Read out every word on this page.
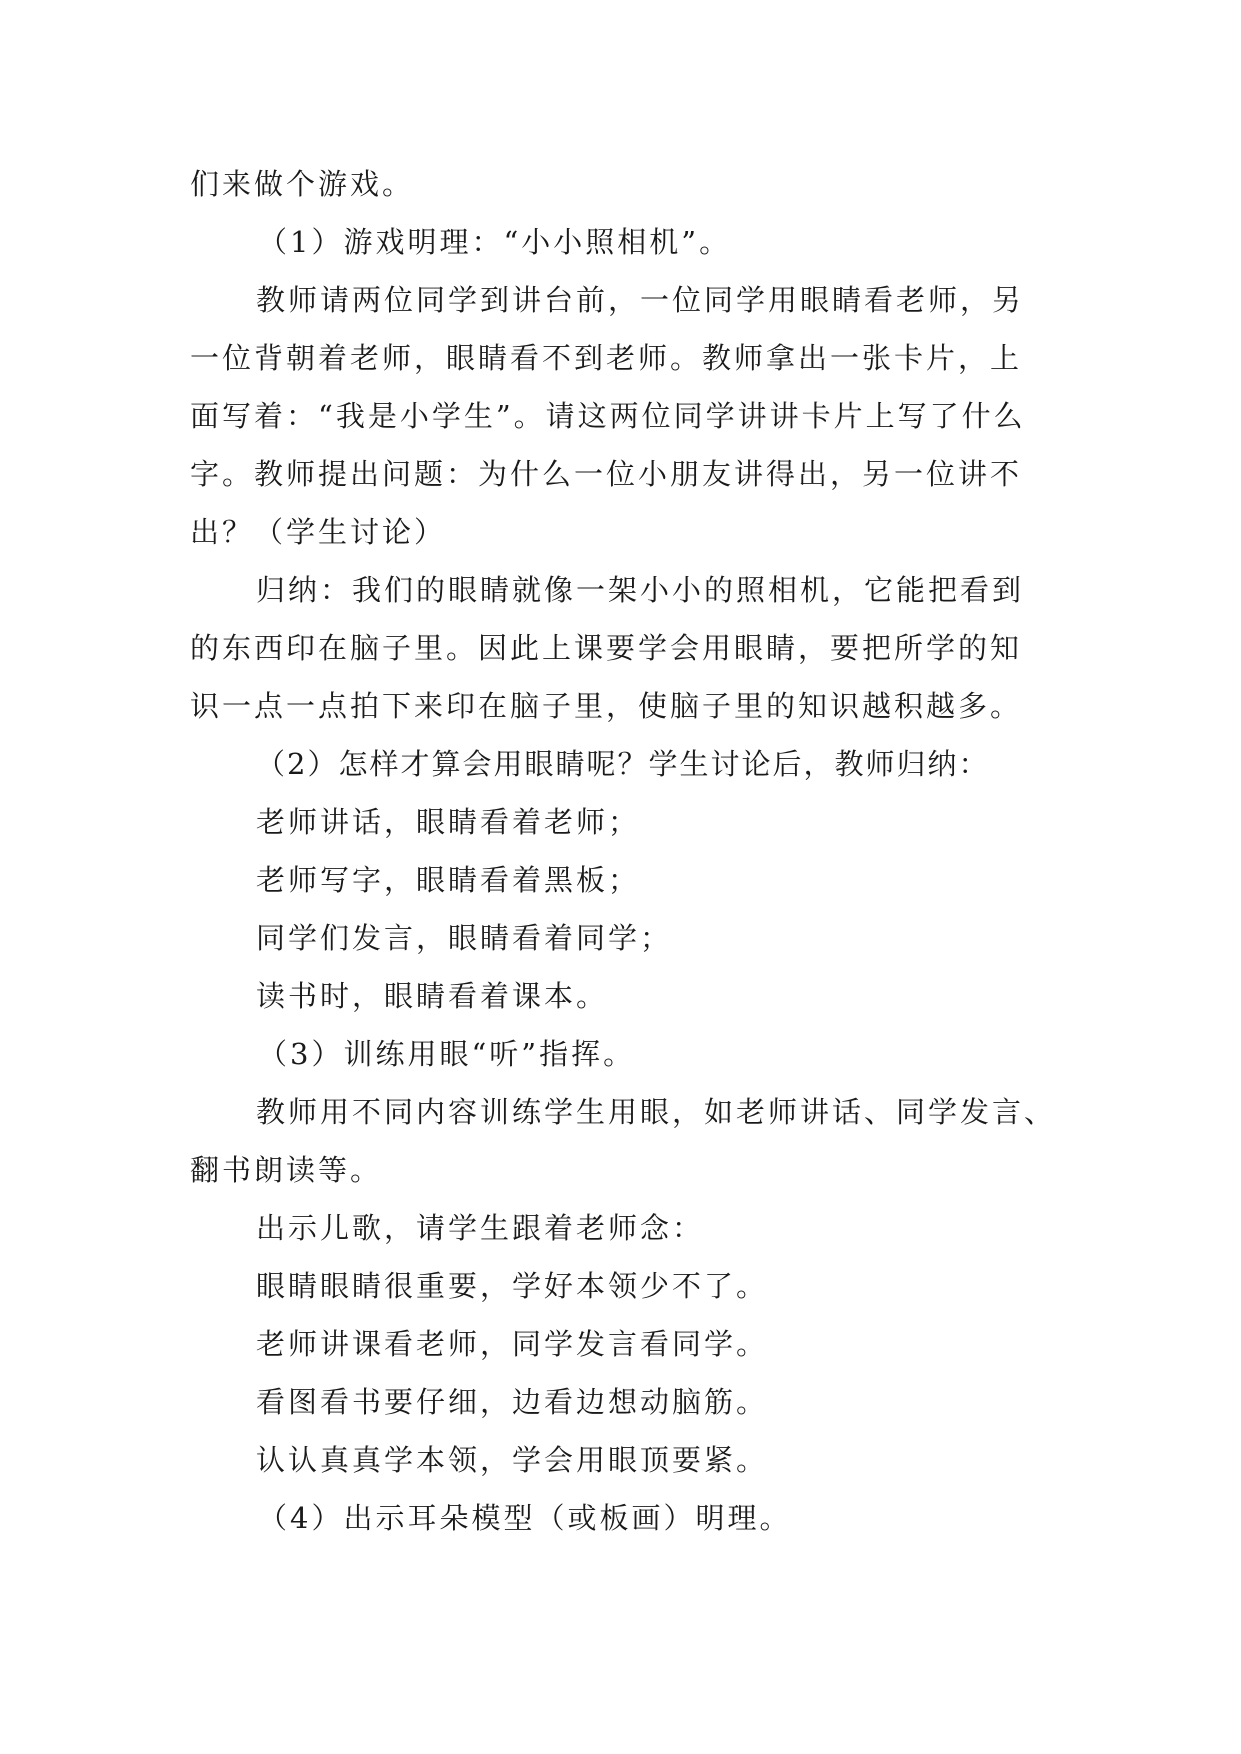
们来做个游戏。

（1）游戏明理：“小小照相机”。

教师请两位同学到讲台前，一位同学用眼睛看老师，另

一位背朝着老师，眼睛看不到老师。教师拿出一张卡片，上

面写着：“我是小学生”。请这两位同学讲讲卡片上写了什么

字。教师提出问题：为什么一位小朋友讲得出，另一位讲不

出？（学生讨论）

归纳：我们的眼睛就像一架小小的照相机，它能把看到

的东西印在脑子里。因此上课要学会用眼睛，要把所学的知

识一点一点拍下来印在脑子里，使脑子里的知识越积越多。

（2）怎样才算会用眼睛呢？学生讨论后，教师归纳：

老师讲话，眼睛看着老师；

老师写字，眼睛看着黑板；

同学们发言，眼睛看着同学；

读书时，眼睛看着课本。

（3）训练用眼“听”指挥。

教师用不同内容训练学生用眼，如老师讲话、同学发言、

翻书朗读等。

出示儿歌，请学生跟着老师念：

眼睛眼睛很重要，学好本领少不了。

老师讲课看老师，同学发言看同学。

看图看书要仔细，边看边想动脑筋。

认认真真学本领，学会用眼顶要紧。

（4）出示耳朵模型（或板画）明理。
